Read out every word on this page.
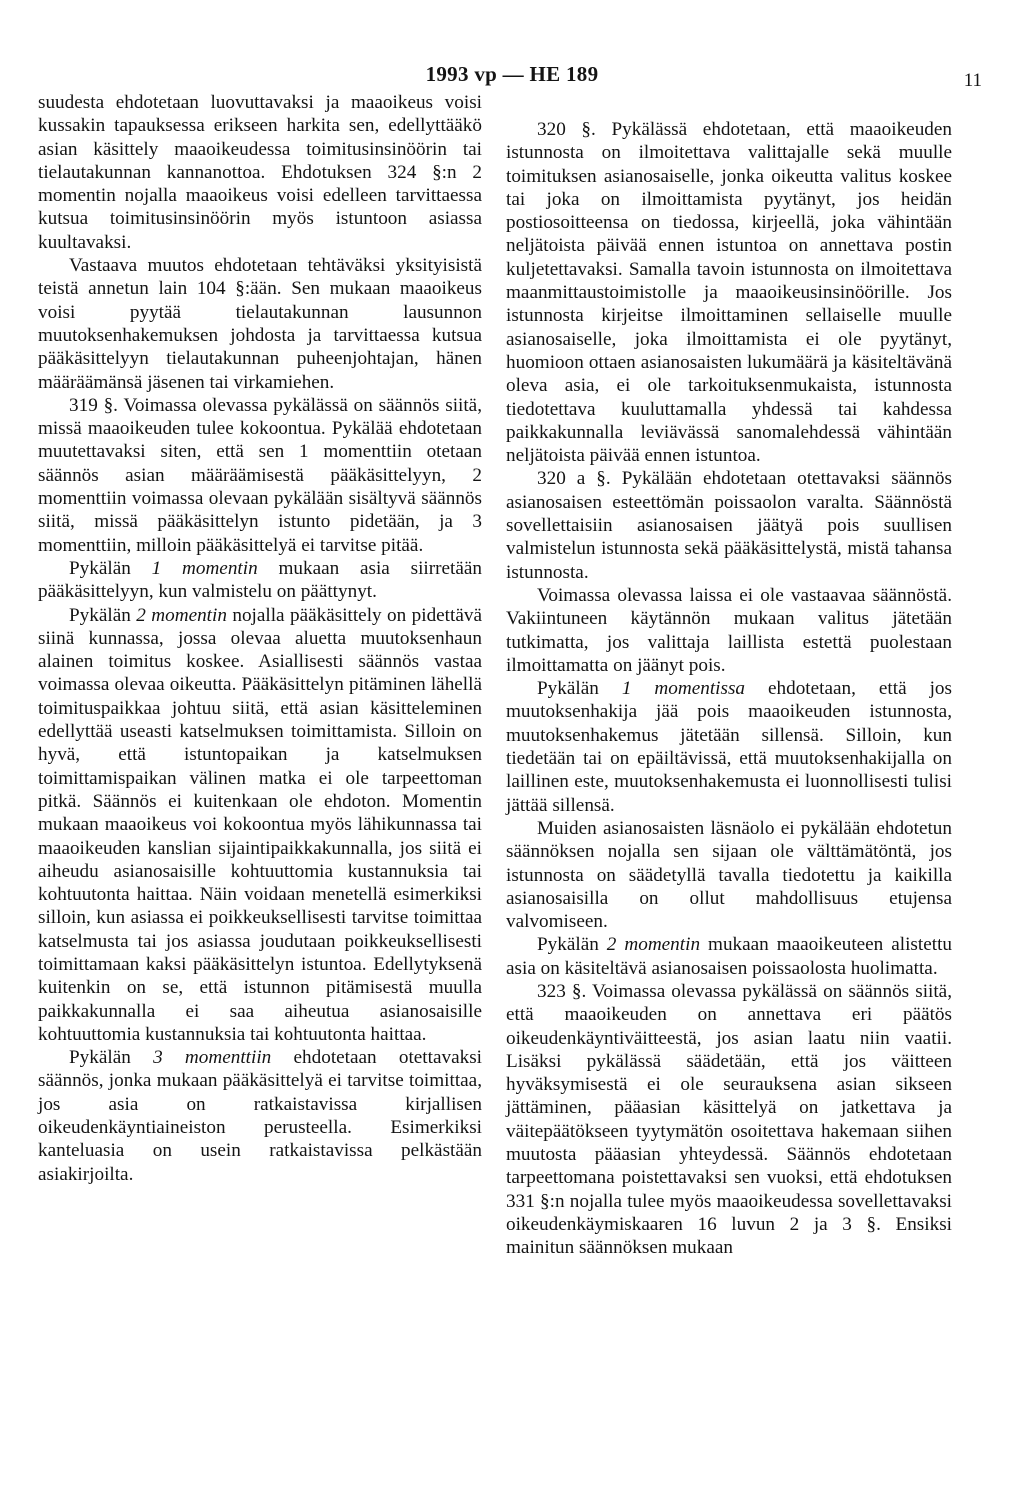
1993 vp — HE 189	11

suudesta ehdotetaan luovuttavaksi ja maaoikeus voisi kussakin tapauksessa erikseen harkita sen, edellyttääkö asian käsittely maaoikeudessa toimitusinsinöörin tai tielautakunnan kannanottoa. Ehdotuksen 324 §:n 2 momentin nojalla maaoikeus voisi edelleen tarvittaessa kutsua toimitusinsinöörin myös istuntoon asiassa kuultavaksi.

Vastaava muutos ehdotetaan tehtäväksi yksityisistä teistä annetun lain 104 §:ään. Sen mukaan maaoikeus voisi pyytää tielautakunnan lausunnon muutoksenhakemuksen johdosta ja tarvittaessa kutsua pääkäsittelyyn tielautakunnan puheenjohtajan, hänen määräämänsä jäsenen tai virkamiehen.

319 §. Voimassa olevassa pykälässä on säännös siitä, missä maaoikeuden tulee kokoontua. Pykälää ehdotetaan muutettavaksi siten, että sen 1 momenttiin otetaan säännös asian määräämisestä pääkäsittelyyn, 2 momenttiin voimassa olevaan pykälään sisältyvä säännös siitä, missä pääkäsittelyn istunto pidetään, ja 3 momenttiin, milloin pääkäsittelyä ei tarvitse pitää.

Pykälän 1 momentin mukaan asia siirretään pääkäsittelyyn, kun valmistelu on päättynyt.

Pykälän 2 momentin nojalla pääkäsittely on pidettävä siinä kunnassa, jossa olevaa aluetta muutoksenhaun alainen toimitus koskee. Asiallisesti säännös vastaa voimassa olevaa oikeutta. Pääkäsittelyn pitäminen lähellä toimituspaikkaa johtuu siitä, että asian käsitteleminen edellyttää useasti katselmuksen toimittamista. Silloin on hyvä, että istuntopaikan ja katselmuksen toimittamispaikan välinen matka ei ole tarpeettoman pitkä. Säännös ei kuitenkaan ole ehdoton. Momentin mukaan maaoikeus voi kokoontua myös lähikunnassa tai maaoikeuden kanslian sijaintipaikkakunnalla, jos siitä ei aiheudu asianosaisille kohtuuttomia kustannuksia tai kohtuutonta haittaa. Näin voidaan menetellä esimerkiksi silloin, kun asiassa ei poikkeuksellisesti tarvitse toimittaa katselmusta tai jos asiassa joudutaan poikkeuksellisesti toimittamaan kaksi pääkäsittelyn istuntoa. Edellytyksenä kuitenkin on se, että istunnon pitämisestä muulla paikkakunnalla ei saa aiheutua asianosaisille kohtuuttomia kustannuksia tai kohtuutonta haittaa.

Pykälän 3 momenttiin ehdotetaan otettavaksi säännös, jonka mukaan pääkäsittelyä ei tarvitse toimittaa, jos asia on ratkaistavissa kirjallisen oikeudenkäyntiaineiston perusteella. Esimerkiksi kanteluasia on usein ratkaistavissa pelkästään asiakirjoilta.

320 §. Pykälässä ehdotetaan, että maaoikeuden istunnosta on ilmoitettava valittajalle sekä muulle toimituksen asianosaiselle, jonka oikeutta valitus koskee tai joka on ilmoittamista pyytänyt, jos heidän postiosoitteensa on tiedossa, kirjeellä, joka vähintään neljätoista päivää ennen istuntoa on annettava postin kuljetettavaksi. Samalla tavoin istunnosta on ilmoitettava maanmittaustoimistolle ja maaoikeusinsinöörille. Jos istunnosta kirjeitse ilmoittaminen sellaiselle muulle asianosaiselle, joka ilmoittamista ei ole pyytänyt, huomioon ottaen asianosaisten lukumäärä ja käsiteltävänä oleva asia, ei ole tarkoituksenmukaista, istunnosta tiedotettava kuuluttamalla yhdessä tai kahdessa paikkakunnalla leviävässä sanomalehdessä vähintään neljätoista päivää ennen istuntoa.

320 a §. Pykälään ehdotetaan otettavaksi säännös asianosaisen esteettömän poissaolon varalta. Säännöstä sovellettaisiin asianosaisen jäätyä pois suullisen valmistelun istunnosta sekä pääkäsittelystä, mistä tahansa istunnosta.

Voimassa olevassa laissa ei ole vastaavaa säännöstä. Vakiintuneen käytännön mukaan valitus jätetään tutkimatta, jos valittaja laillista estettä puolestaan ilmoittamatta on jäänyt pois.

Pykälän 1 momentissa ehdotetaan, että jos muutoksenhakija jää pois maaoikeuden istunnosta, muutoksenhakemus jätetään sillensä. Silloin, kun tiedetään tai on epäiltävissä, että muutoksenhakijalla on laillinen este, muutoksenhakemusta ei luonnollisesti tulisi jättää sillensä.

Muiden asianosaisten läsnäolo ei pykälään ehdotetun säännöksen nojalla sen sijaan ole välttämätöntä, jos istunnosta on säädetyllä tavalla tiedotettu ja kaikilla asianosaisilla on ollut mahdollisuus etujensa valvomiseen.

Pykälän 2 momentin mukaan maaoikeuteen alistettu asia on käsiteltävä asianosaisen poissaolosta huolimatta.

323 §. Voimassa olevassa pykälässä on säännös siitä, että maaoikeuden on annettava eri päätös oikeudenkäyntiväitteestä, jos asian laatu niin vaatii. Lisäksi pykälässä säädetään, että jos väitteen hyväksymisestä ei ole seurauksena asian sikseen jättäminen, pääasian käsittelyä on jatkettava ja väitepäätökseen tyytymätön osoitettava hakemaan siihen muutosta pääasian yhteydessä. Säännös ehdotetaan tarpeettomana poistettavaksi sen vuoksi, että ehdotuksen 331 §:n nojalla tulee myös maaoikeudessa sovellettavaksi oikeudenkäymiskaaren 16 luvun 2 ja 3 §. Ensiksi mainitun säännöksen mukaan
